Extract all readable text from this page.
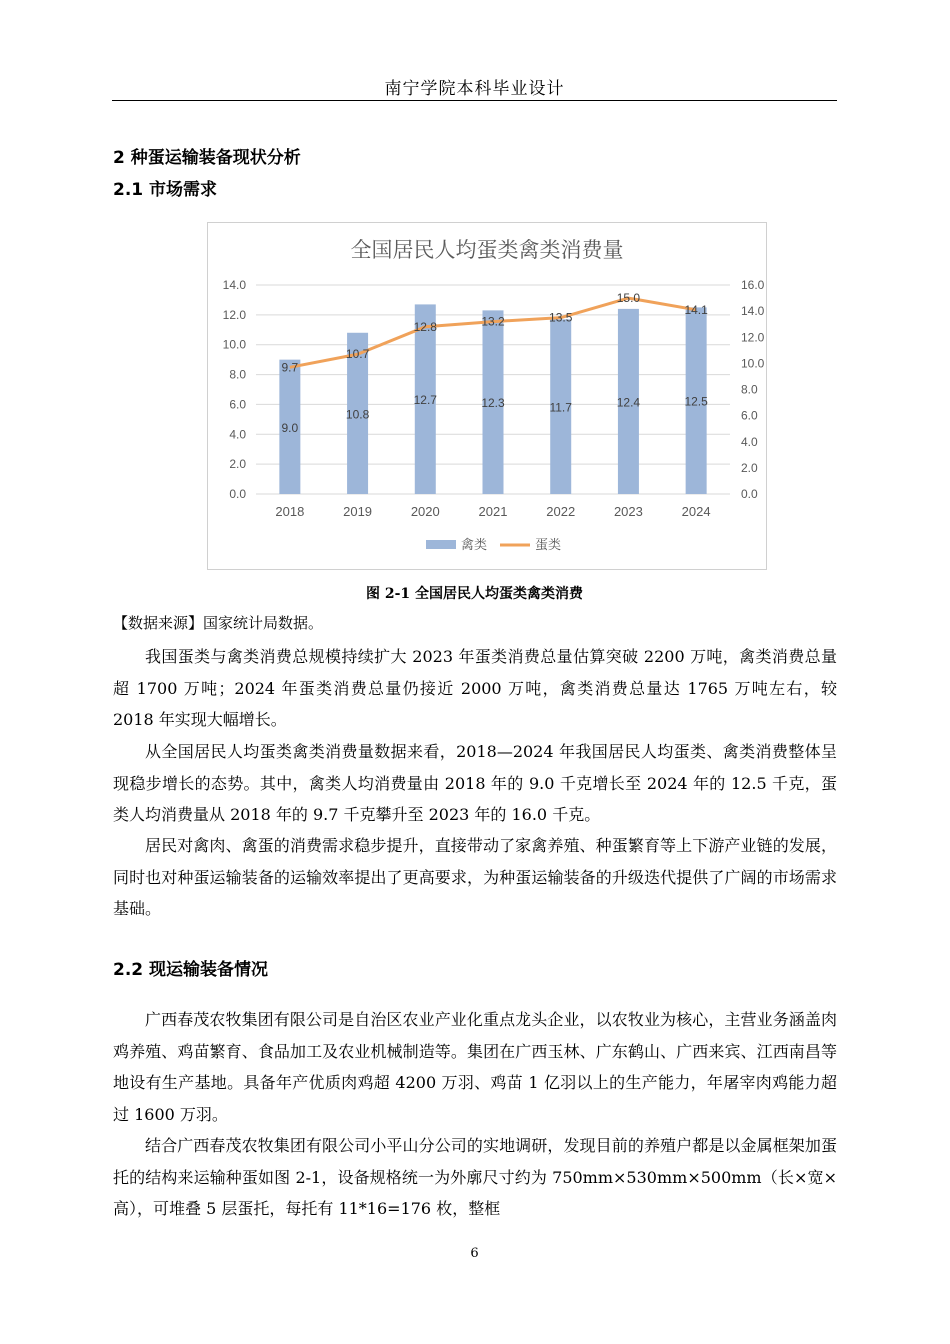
南宁学院本科毕业设计
2 种蛋运输装备现状分析
2.1 市场需求
全国居民人均蛋类禽类消费量
0.0
2.0
4.0
6.0
8.0
10.0
12.0
14.0
0.0
2.0
4.0
6.0
8.0
10.0
12.0
14.0
16.0
2018	2019	2020	2021	2022	2023	2024
9.0
10.8
12.7	12.3	11.7	12.4	12.5
9.7
10.7
12.8	13.2	13.5
15.0
14.1
禽类	蛋类
图 2-1 全国居民人均蛋类禽类消费
【数据来源】国家统计局数据。

我国蛋类与禽类消费总规模持续扩大 2023 年蛋类消费总量估算突破 2200 万吨，禽类消费总量超 1700 万吨；2024 年蛋类消费总量仍接近 2000 万吨，禽类消费总量达 1765 万吨左右，较 2018 年实现大幅增长。

从全国居民人均蛋类禽类消费量数据来看，2018—2024 年我国居民人均蛋类、禽类消费整体呈现稳步增长的态势。其中，禽类人均消费量由 2018 年的 9.0 千克增长至 2024 年的 12.5 千克，蛋类人均消费量从 2018 年的 9.7 千克攀升至 2023 年的 16.0 千克。

居民对禽肉、禽蛋的消费需求稳步提升，直接带动了家禽养殖、种蛋繁育等上下游产业链的发展，同时也对种蛋运输装备的运输效率提出了更高要求，为种蛋运输装备的升级迭代提供了广阔的市场需求基础。

2.2 现运输装备情况

广西春茂农牧集团有限公司是自治区农业产业化重点龙头企业，以农牧业为核心，主营业务涵盖肉鸡养殖、鸡苗繁育、食品加工及农业机械制造等。集团在广西玉林、广东鹤山、广西来宾、江西南昌等地设有生产基地。具备年产优质肉鸡超 4200 万羽、鸡苗 1 亿羽以上的生产能力，年屠宰肉鸡能力超过 1600 万羽。

结合广西春茂农牧集团有限公司小平山分公司的实地调研，发现目前的养殖户都是以金属框架加蛋托的结构来运输种蛋如图 2-1，设备规格统一为外廓尺寸约为 750mm×530mm×500mm（长×宽×高），可堆叠 5 层蛋托，每托有 11*16=176 枚，整框

6
